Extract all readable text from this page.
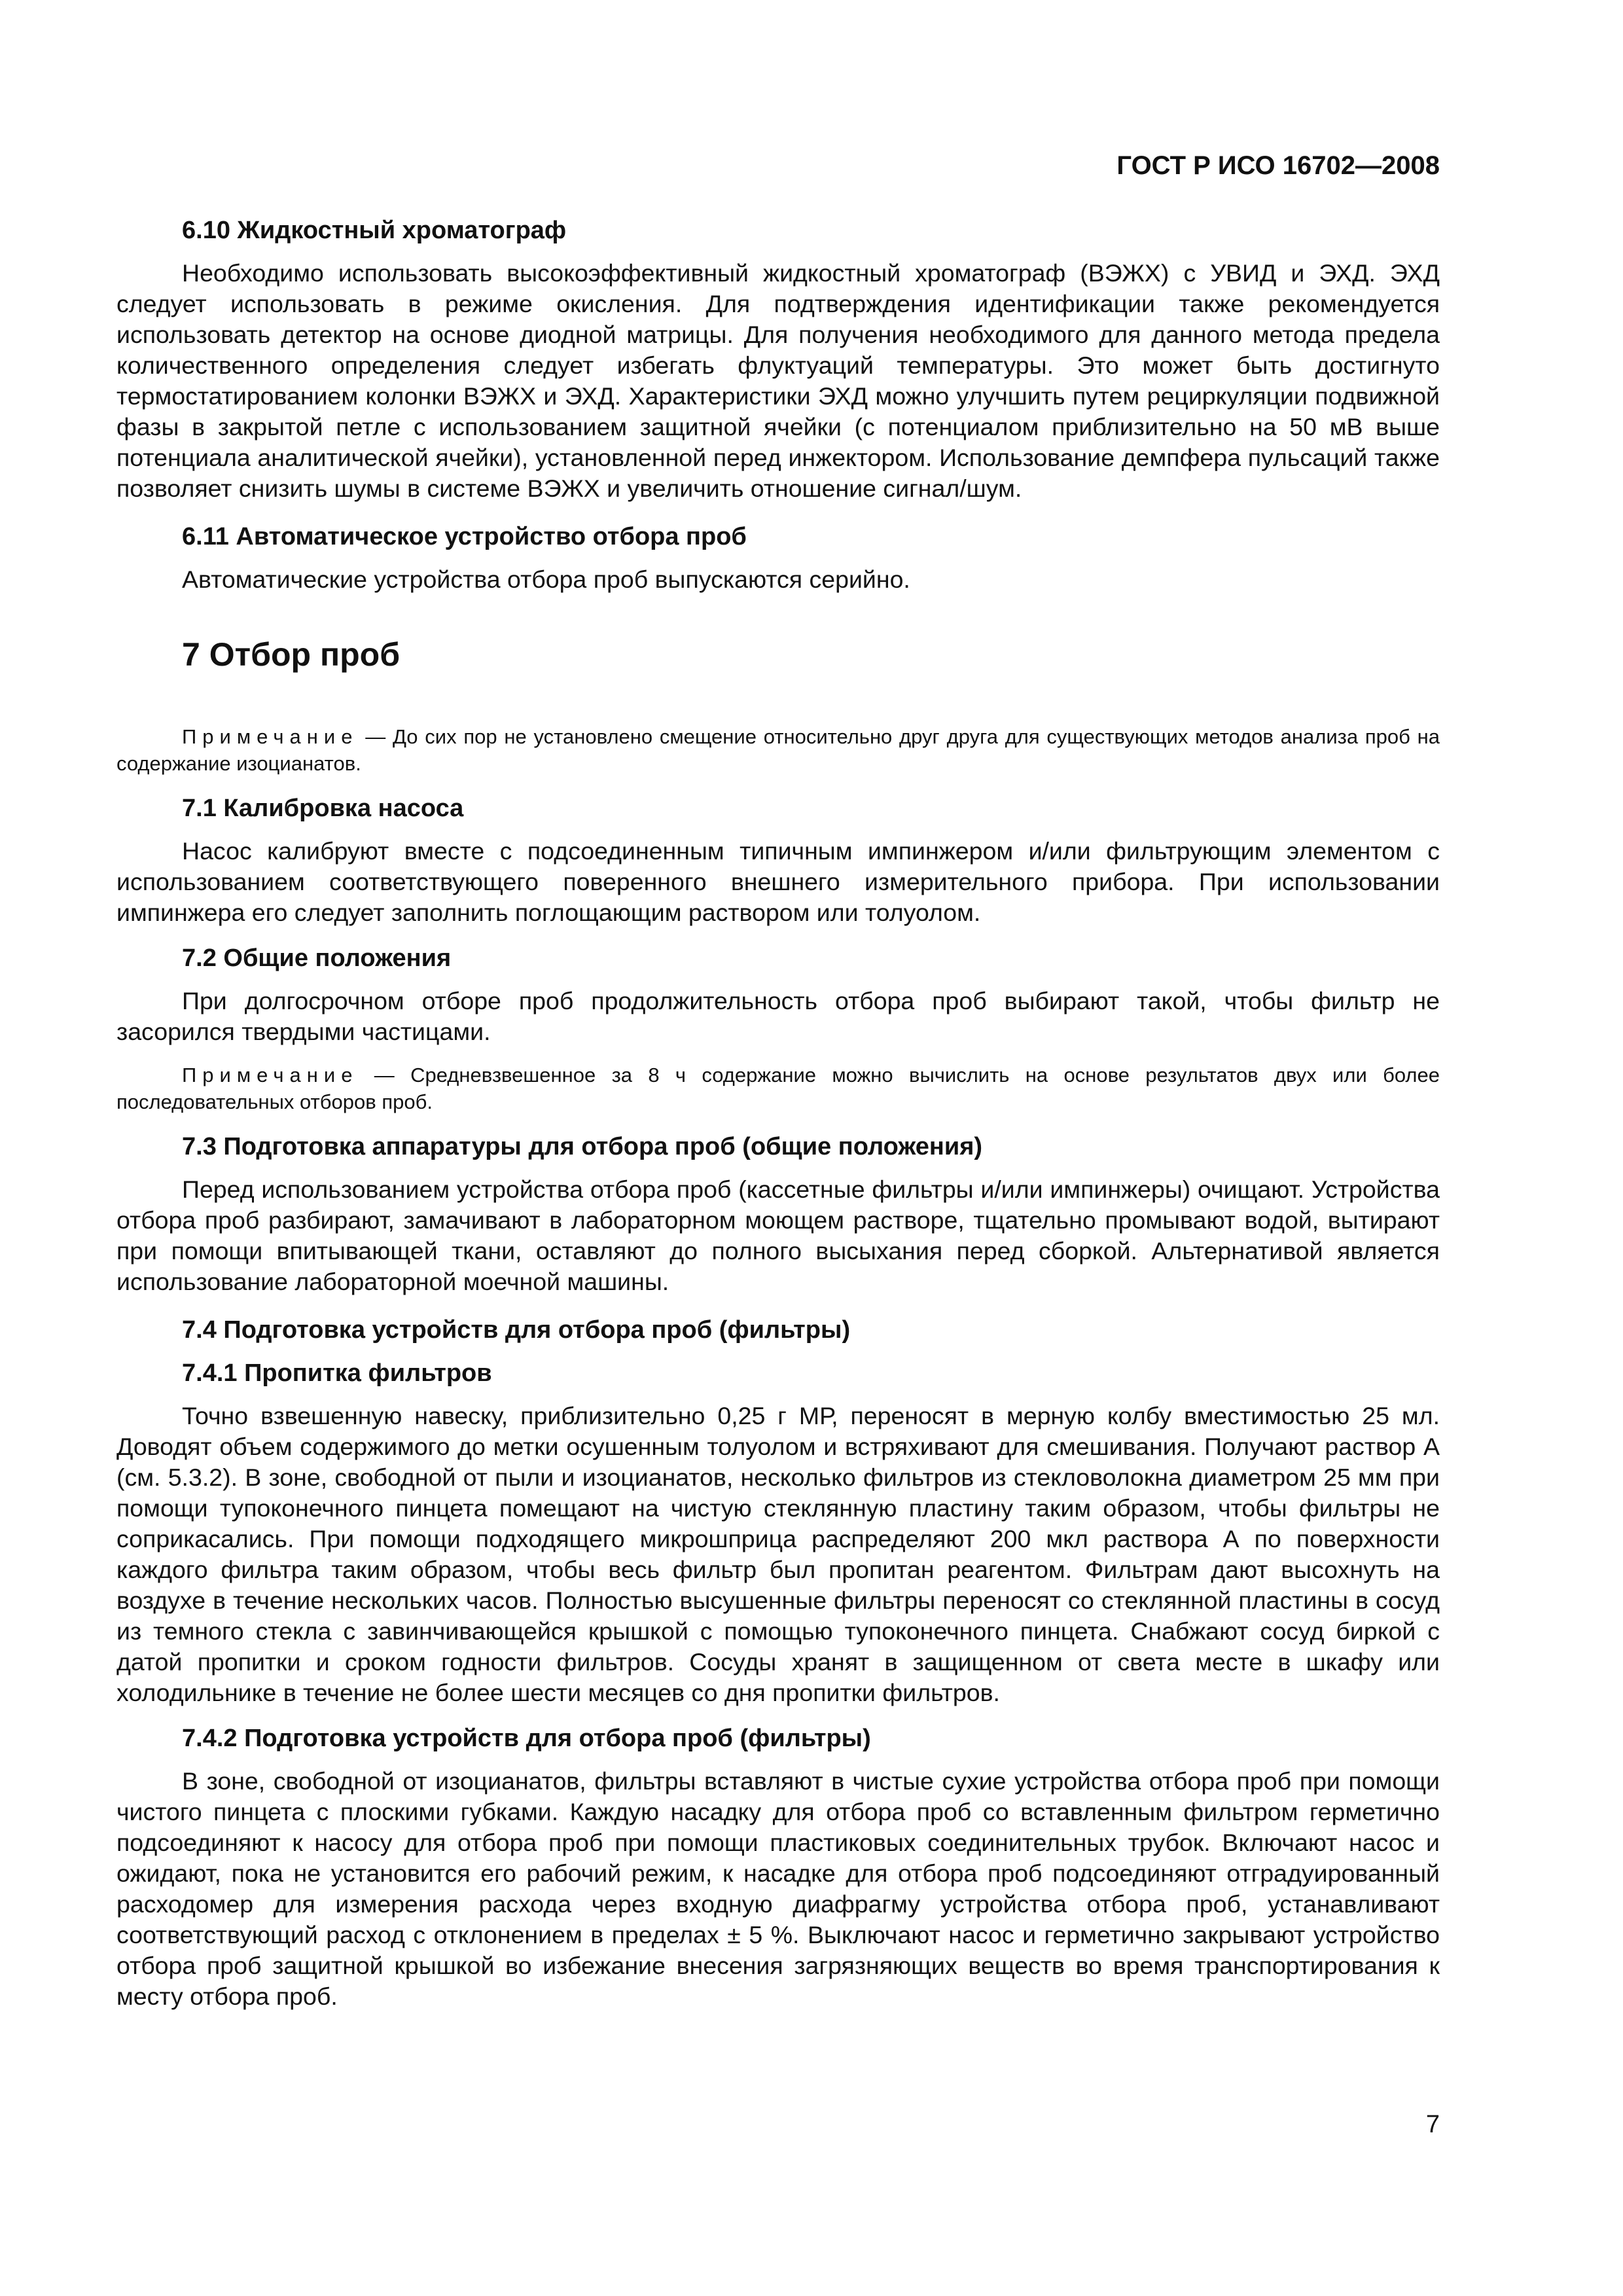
ГОСТ Р ИСО 16702—2008
6.10 Жидкостный хроматограф

Необходимо использовать высокоэффективный жидкостный хроматограф (ВЭЖХ) с УВИД и ЭХД. ЭХД следует использовать в режиме окисления. Для подтверждения идентификации также рекомендуется использовать детектор на основе диодной матрицы. Для получения необходимого для данного метода предела количественного определения следует избегать флуктуаций температуры. Это может быть достигнуто термостатированием колонки ВЭЖХ и ЭХД. Характеристики ЭХД можно улучшить путем рециркуляции подвижной фазы в закрытой петле с использованием защитной ячейки (с потенциалом приблизительно на 50 мВ выше потенциала аналитической ячейки), установленной перед инжектором. Использование демпфера пульсаций также позволяет снизить шумы в системе ВЭЖХ и увеличить отношение сигнал/шум.

6.11 Автоматическое устройство отбора проб

Автоматические устройства отбора проб выпускаются серийно.

7 Отбор проб

Примечание — До сих пор не установлено смещение относительно друг друга для существующих методов анализа проб на содержание изоцианатов.

7.1 Калибровка насоса

Насос калибруют вместе с подсоединенным типичным импинжером и/или фильтрующим элементом с использованием соответствующего поверенного внешнего измерительного прибора. При использовании импинжера его следует заполнить поглощающим раствором или толуолом.

7.2 Общие положения

При долгосрочном отборе проб продолжительность отбора проб выбирают такой, чтобы фильтр не засорился твердыми частицами.

Примечание — Средневзвешенное за 8 ч содержание можно вычислить на основе результатов двух или более последовательных отборов проб.

7.3 Подготовка аппаратуры для отбора проб (общие положения)

Перед использованием устройства отбора проб (кассетные фильтры и/или импинжеры) очищают. Устройства отбора проб разбирают, замачивают в лабораторном моющем растворе, тщательно промывают водой, вытирают при помощи впитывающей ткани, оставляют до полного высыхания перед сборкой. Альтернативой является использование лабораторной моечной машины.

7.4 Подготовка устройств для отбора проб (фильтры)
7.4.1 Пропитка фильтров

Точно взвешенную навеску, приблизительно 0,25 г МР, переносят в мерную колбу вместимостью 25 мл. Доводят объем содержимого до метки осушенным толуолом и встряхивают для смешивания. Получают раствор А (см. 5.3.2). В зоне, свободной от пыли и изоцианатов, несколько фильтров из стекловолокна диаметром 25 мм при помощи тупоконечного пинцета помещают на чистую стеклянную пластину таким образом, чтобы фильтры не соприкасались. При помощи подходящего микрошприца распределяют 200 мкл раствора А по поверхности каждого фильтра таким образом, чтобы весь фильтр был пропитан реагентом. Фильтрам дают высохнуть на воздухе в течение нескольких часов. Полностью высушенные фильтры переносят со стеклянной пластины в сосуд из темного стекла с завинчивающейся крышкой с помощью тупоконечного пинцета. Снабжают сосуд биркой с датой пропитки и сроком годности фильтров. Сосуды хранят в защищенном от света месте в шкафу или холодильнике в течение не более шести месяцев со дня пропитки фильтров.

7.4.2 Подготовка устройств для отбора проб (фильтры)

В зоне, свободной от изоцианатов, фильтры вставляют в чистые сухие устройства отбора проб при помощи чистого пинцета с плоскими губками. Каждую насадку для отбора проб со вставленным фильтром герметично подсоединяют к насосу для отбора проб при помощи пластиковых соединительных трубок. Включают насос и ожидают, пока не установится его рабочий режим, к насадке для отбора проб подсоединяют отградуированный расходомер для измерения расхода через входную диафрагму устройства отбора проб, устанавливают соответствующий расход с отклонением в пределах ± 5 %. Выключают насос и герметично закрывают устройство отбора проб защитной крышкой во избежание внесения загрязняющих веществ во время транспортирования к месту отбора проб.

7
